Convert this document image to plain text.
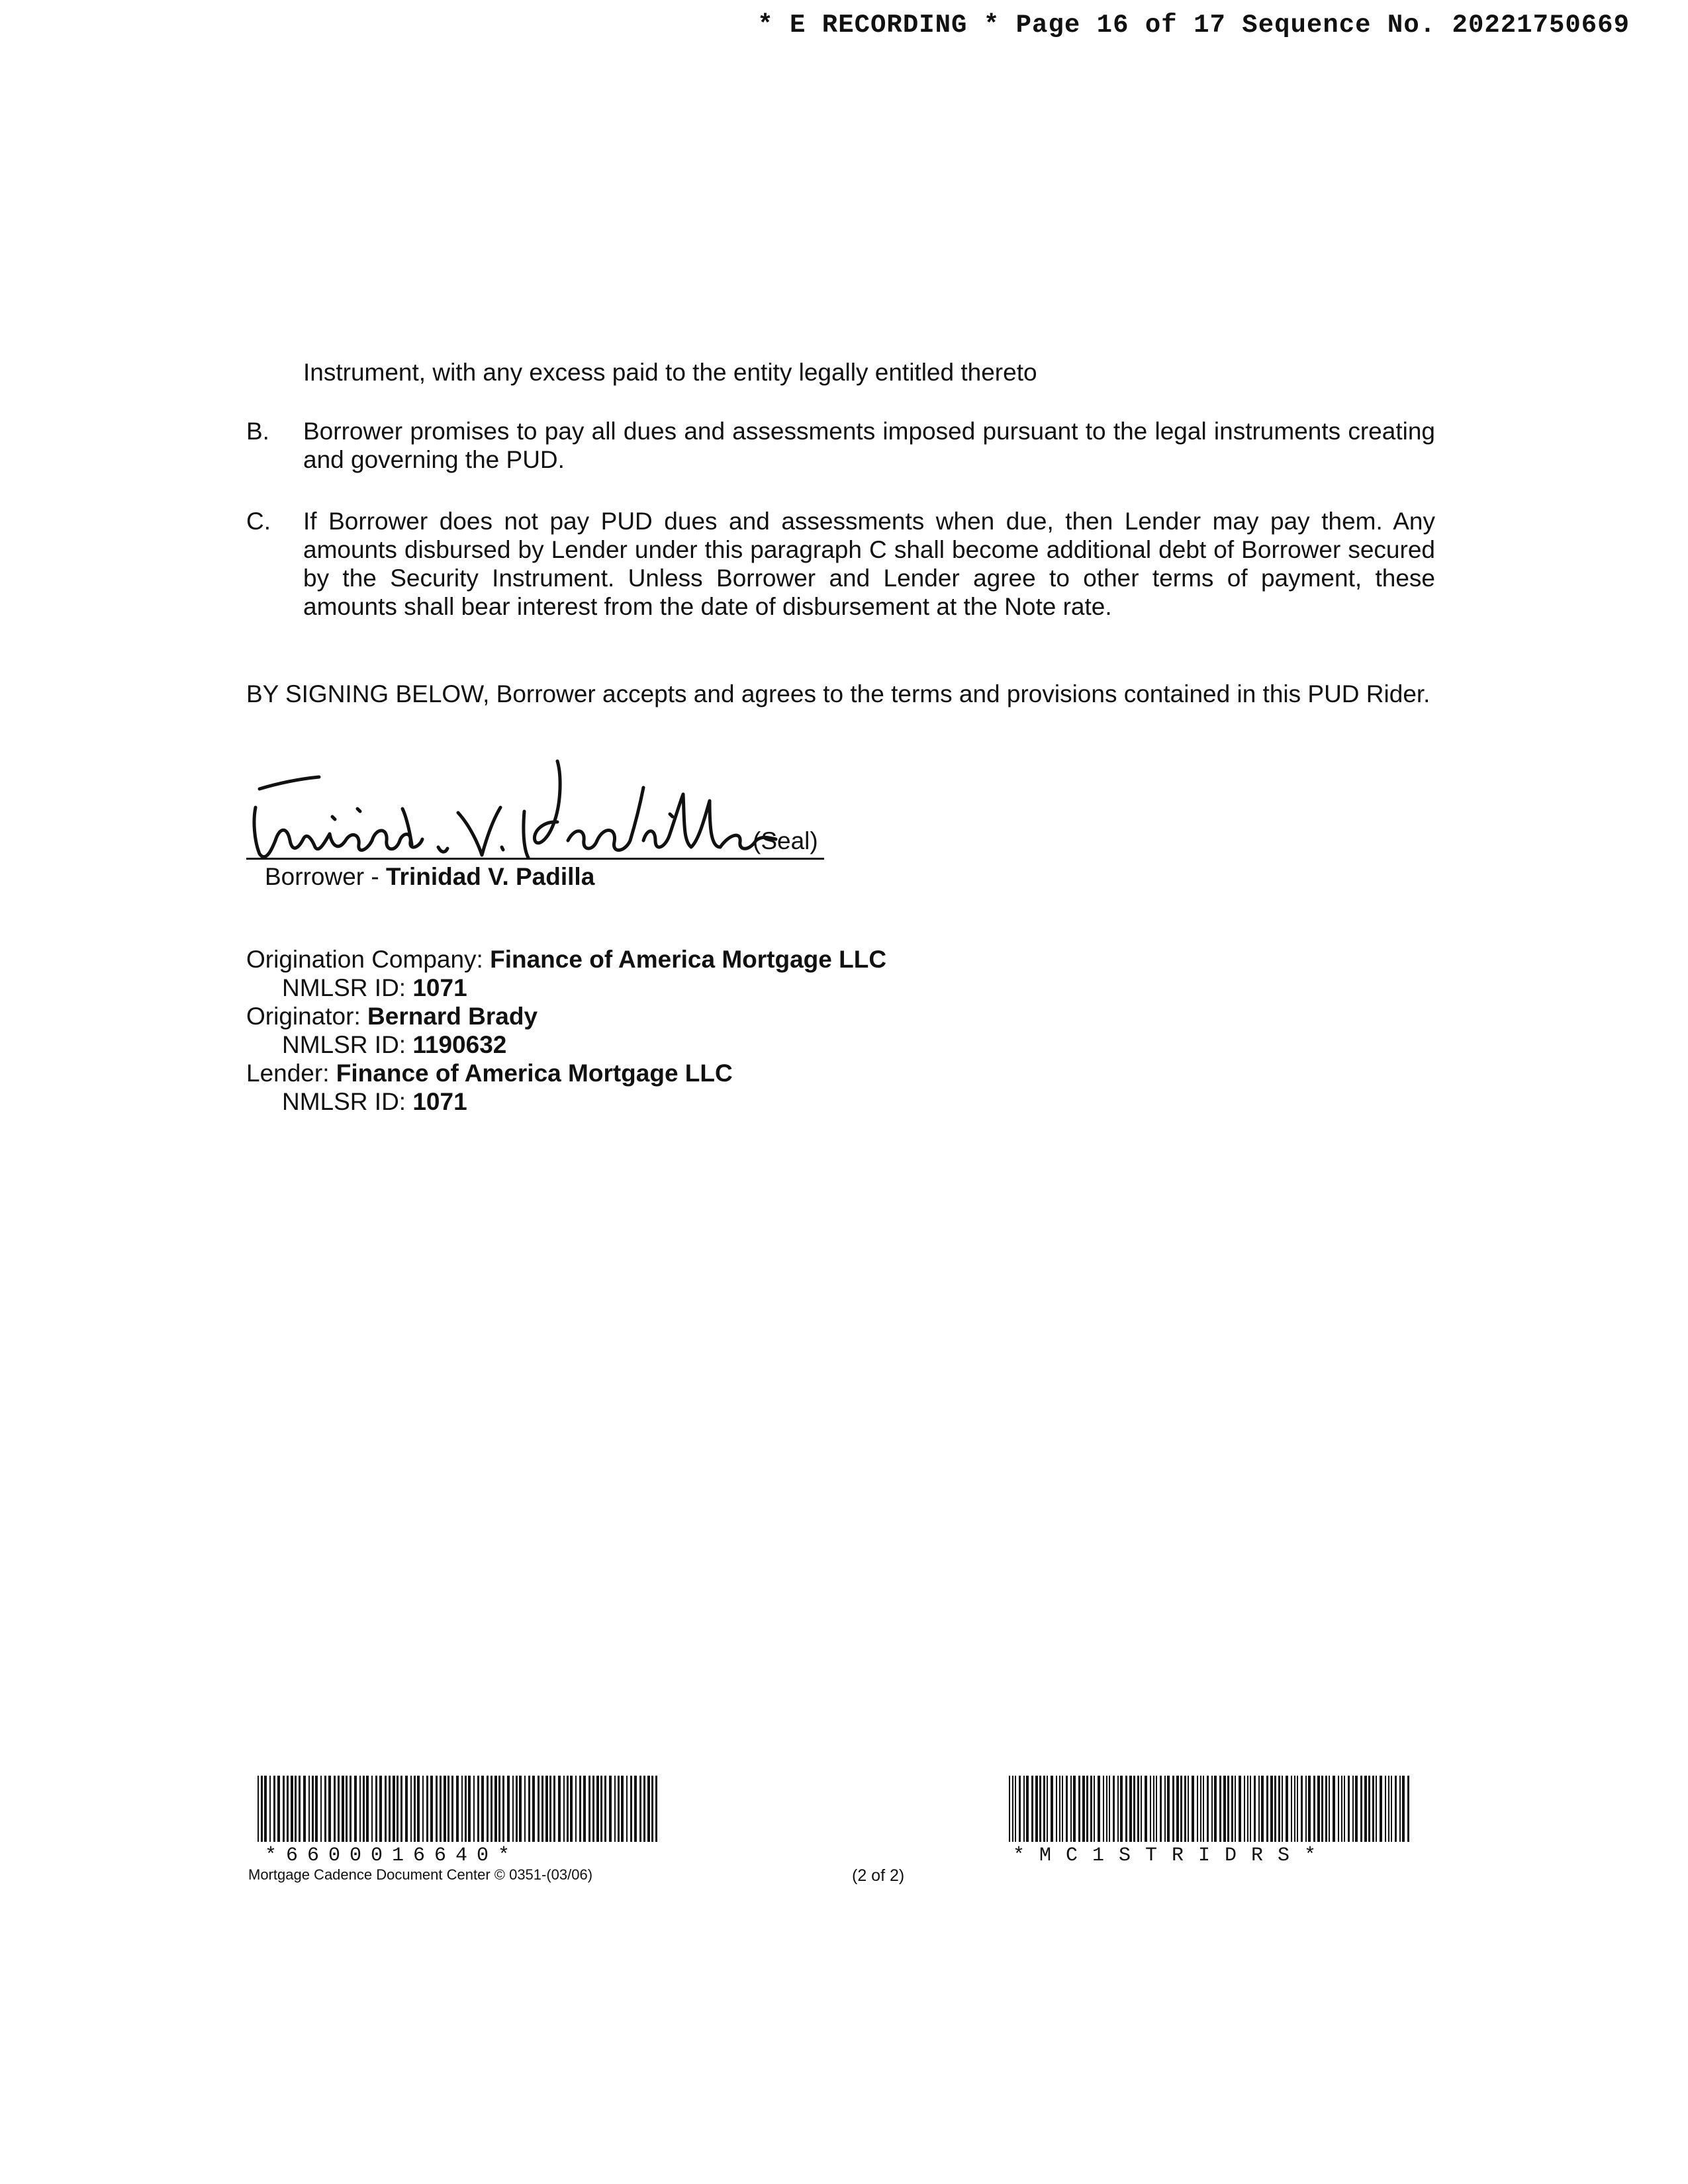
* E RECORDING * Page 16 of 17 Sequence No. 20221750669
Instrument, with any excess paid to the entity legally entitled thereto
B. Borrower promises to pay all dues and assessments imposed pursuant to the legal instruments creating and governing the PUD.
C. If Borrower does not pay PUD dues and assessments when due, then Lender may pay them. Any amounts disbursed by Lender under this paragraph C shall become additional debt of Borrower secured by the Security Instrument. Unless Borrower and Lender agree to other terms of payment, these amounts shall bear interest from the date of disbursement at the Note rate.
BY SIGNING BELOW, Borrower accepts and agrees to the terms and provisions contained in this PUD Rider.
(Seal)
Borrower - Trinidad V. Padilla
Origination Company: Finance of America Mortgage LLC
NMLSR ID: 1071
Originator: Bernard Brady
NMLSR ID: 1190632
Lender: Finance of America Mortgage LLC
NMLSR ID: 1071
*6600016640*	*MC1STRIDRS*
Mortgage Cadence Document Center © 0351-(03/06)	(2 of 2)
